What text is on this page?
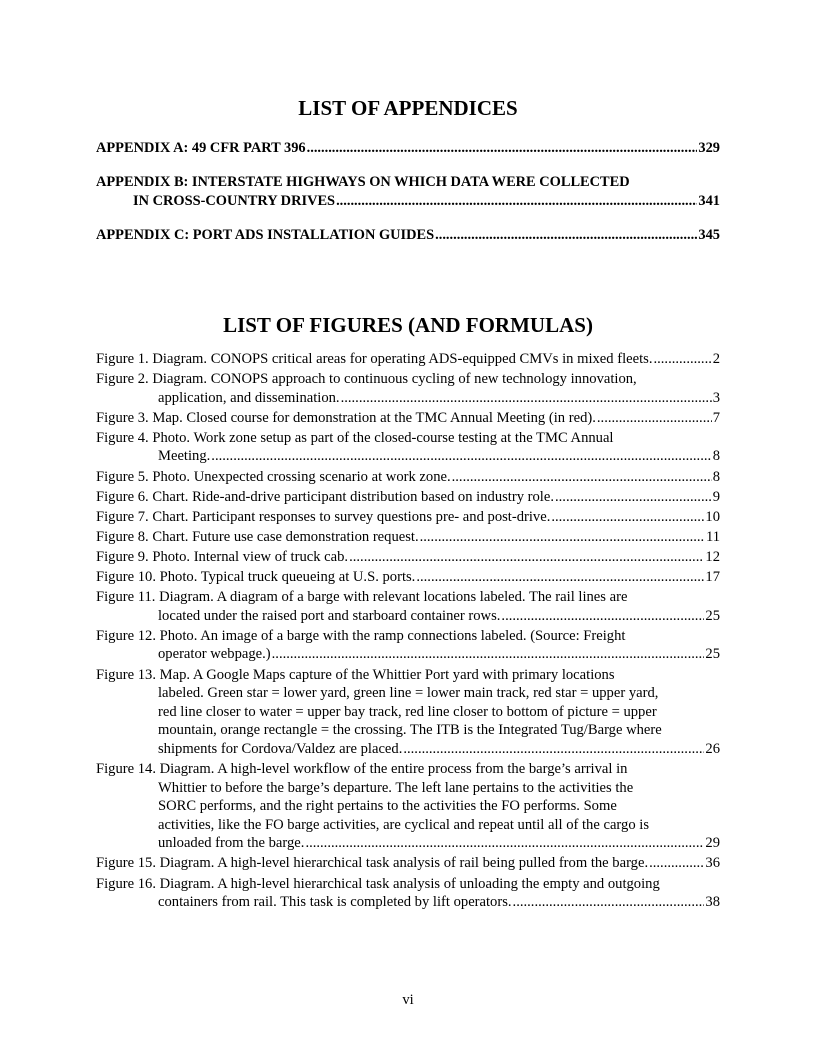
LIST OF APPENDICES
APPENDIX A: 49 CFR PART 396 .....	329
APPENDIX B: INTERSTATE HIGHWAYS ON WHICH DATA WERE COLLECTED
IN CROSS-COUNTRY DRIVES .....	341
APPENDIX C: PORT ADS INSTALLATION GUIDES .....	345
LIST OF FIGURES (AND FORMULAS)
Figure 1. Diagram. CONOPS critical areas for operating ADS-equipped CMVs in mixed fleets. .....	2
Figure 2. Diagram. CONOPS approach to continuous cycling of new technology innovation,
application, and dissemination. .....	3
Figure 3. Map. Closed course for demonstration at the TMC Annual Meeting (in red). .....	7
Figure 4. Photo. Work zone setup as part of the closed-course testing at the TMC Annual
Meeting. .....	8
Figure 5. Photo. Unexpected crossing scenario at work zone. .....	8
Figure 6. Chart. Ride-and-drive participant distribution based on industry role. .....	9
Figure 7. Chart. Participant responses to survey questions pre- and post-drive. .....	10
Figure 8. Chart. Future use case demonstration request. .....	11
Figure 9. Photo. Internal view of truck cab. .....	12
Figure 10. Photo. Typical truck queueing at U.S. ports. .....	17
Figure 11. Diagram. A diagram of a barge with relevant locations labeled. The rail lines are
located under the raised port and starboard container rows. .....	25
Figure 12. Photo. An image of a barge with the ramp connections labeled. (Source: Freight
operator webpage.) .....	25
Figure 13. Map. A Google Maps capture of the Whittier Port yard with primary locations
labeled. Green star = lower yard, green line = lower main track, red star = upper yard,
red line closer to water = upper bay track, red line closer to bottom of picture = upper
mountain, orange rectangle = the crossing. The ITB is the Integrated Tug/Barge where
shipments for Cordova/Valdez are placed. .....	26
Figure 14. Diagram. A high-level workflow of the entire process from the barge’s arrival in
Whittier to before the barge’s departure. The left lane pertains to the activities the
SORC performs, and the right pertains to the activities the FO performs. Some
activities, like the FO barge activities, are cyclical and repeat until all of the cargo is
unloaded from the barge. .....	29
Figure 15. Diagram. A high-level hierarchical task analysis of rail being pulled from the barge. .....	36
Figure 16. Diagram. A high-level hierarchical task analysis of unloading the empty and outgoing
containers from rail. This task is completed by lift operators. .....	38
vi
